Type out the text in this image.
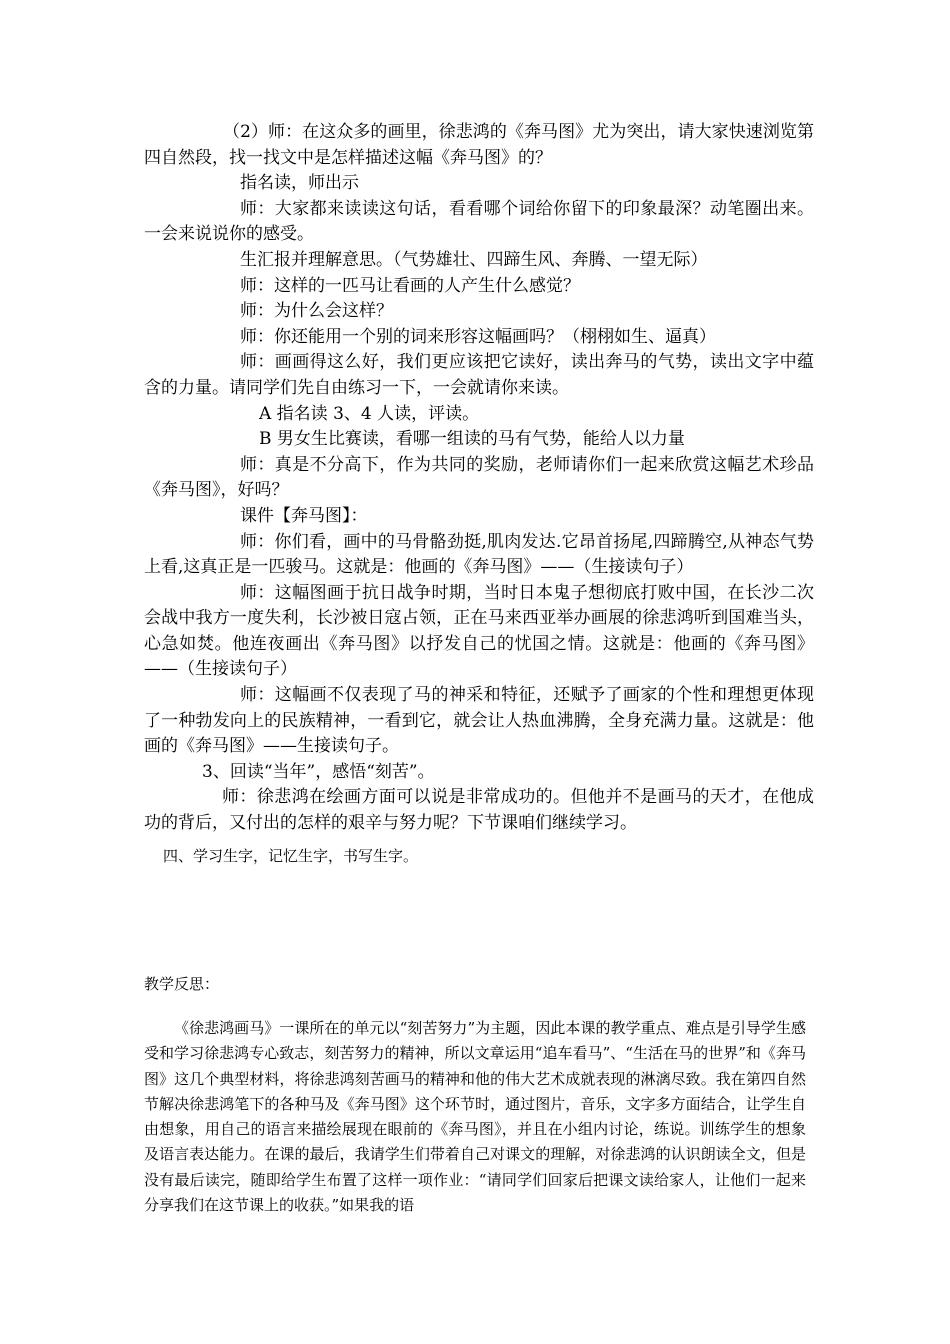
（2）师：在这众多的画里，徐悲鸿的《奔马图》尤为突出，请大家快速浏览第四自然段，找一找文中是怎样描述这幅《奔马图》的？

指名读，师出示

师：大家都来读读这句话，看看哪个词给你留下的印象最深？动笔圈出来。一会来说说你的感受。

生汇报并理解意思。（气势雄壮、四蹄生风、奔腾、一望无际）

师：这样的一匹马让看画的人产生什么感觉？

师：为什么会这样？

师：你还能用一个别的词来形容这幅画吗？（栩栩如生、逼真）

师：画画得这么好，我们更应该把它读好，读出奔马的气势，读出文字中蕴含的力量。请同学们先自由练习一下，一会就请你来读。

A 指名读 3、4 人读，评读。

B 男女生比赛读，看哪一组读的马有气势，能给人以力量

师：真是不分高下，作为共同的奖励，老师请你们一起来欣赏这幅艺术珍品《奔马图》，好吗？

课件【奔马图】：

师：你们看，画中的马骨骼劲挺,肌肉发达.它昂首扬尾,四蹄腾空,从神态气势上看,这真正是一匹骏马。这就是：他画的《奔马图》——（生接读句子）

师：这幅图画于抗日战争时期，当时日本鬼子想彻底打败中国，在长沙二次会战中我方一度失利，长沙被日寇占领，正在马来西亚举办画展的徐悲鸿听到国难当头，心急如焚。他连夜画出《奔马图》以抒发自己的忧国之情。这就是：他画的《奔马图》——（生接读句子）

师：这幅画不仅表现了马的神采和特征，还赋予了画家的个性和理想更体现了一种勃发向上的民族精神，一看到它，就会让人热血沸腾，全身充满力量。这就是：他画的《奔马图》——生接读句子。

3、回读“当年”，感悟“刻苦”。

师：徐悲鸿在绘画方面可以说是非常成功的。但他并不是画马的天才，在他成功的背后，又付出的怎样的艰辛与努力呢？下节课咱们继续学习。

四、学习生字，记忆生字，书写生字。
教学反思：

《徐悲鸿画马》一课所在的单元以“刻苦努力”为主题，因此本课的教学重点、难点是引导学生感受和学习徐悲鸿专心致志，刻苦努力的精神，所以文章运用“追车看马”、“生活在马的世界”和《奔马图》这几个典型材料，将徐悲鸿刻苦画马的精神和他的伟大艺术成就表现的淋漓尽致。我在第四自然节解决徐悲鸿笔下的各种马及《奔马图》这个环节时，通过图片，音乐，文字多方面结合，让学生自由想象，用自己的语言来描绘展现在眼前的《奔马图》，并且在小组内讨论，练说。训练学生的想象及语言表达能力。在课的最后，我请学生们带着自己对课文的理解，对徐悲鸿的认识朗读全文，但是没有最后读完，随即给学生布置了这样一项作业：“请同学们回家后把课文读给家人，让他们一起来分享我们在这节课上的收获。”如果我的语
